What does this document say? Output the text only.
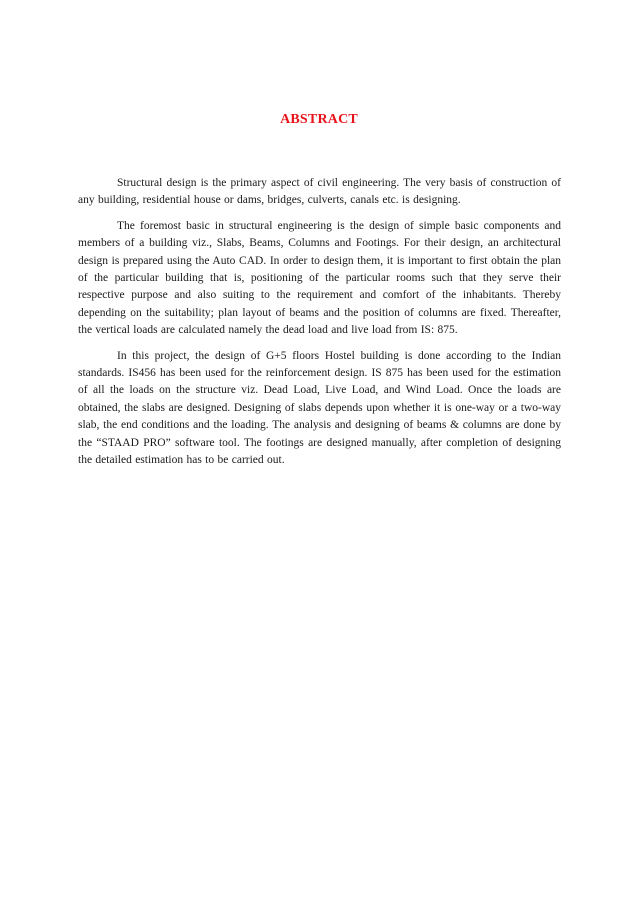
ABSTRACT

Structural design is the primary aspect of civil engineering. The very basis of construction of any building, residential house or dams, bridges, culverts, canals etc. is designing.

The foremost basic in structural engineering is the design of simple basic components and members of a building viz., Slabs, Beams, Columns and Footings. For their design, an architectural design is prepared using the Auto CAD. In order to design them, it is important to first obtain the plan of the particular building that is, positioning of the particular rooms such that they serve their respective purpose and also suiting to the requirement and comfort of the inhabitants. Thereby depending on the suitability; plan layout of beams and the position of columns are fixed. Thereafter, the vertical loads are calculated namely the dead load and live load from IS: 875.

In this project, the design of G+5 floors Hostel building is done according to the Indian standards. IS456 has been used for the reinforcement design. IS 875 has been used for the estimation of all the loads on the structure viz. Dead Load, Live Load, and Wind Load. Once the loads are obtained, the slabs are designed. Designing of slabs depends upon whether it is one-way or a two-way slab, the end conditions and the loading. The analysis and designing of beams & columns are done by the “STAAD PRO” software tool. The footings are designed manually, after completion of designing the detailed estimation has to be carried out.
